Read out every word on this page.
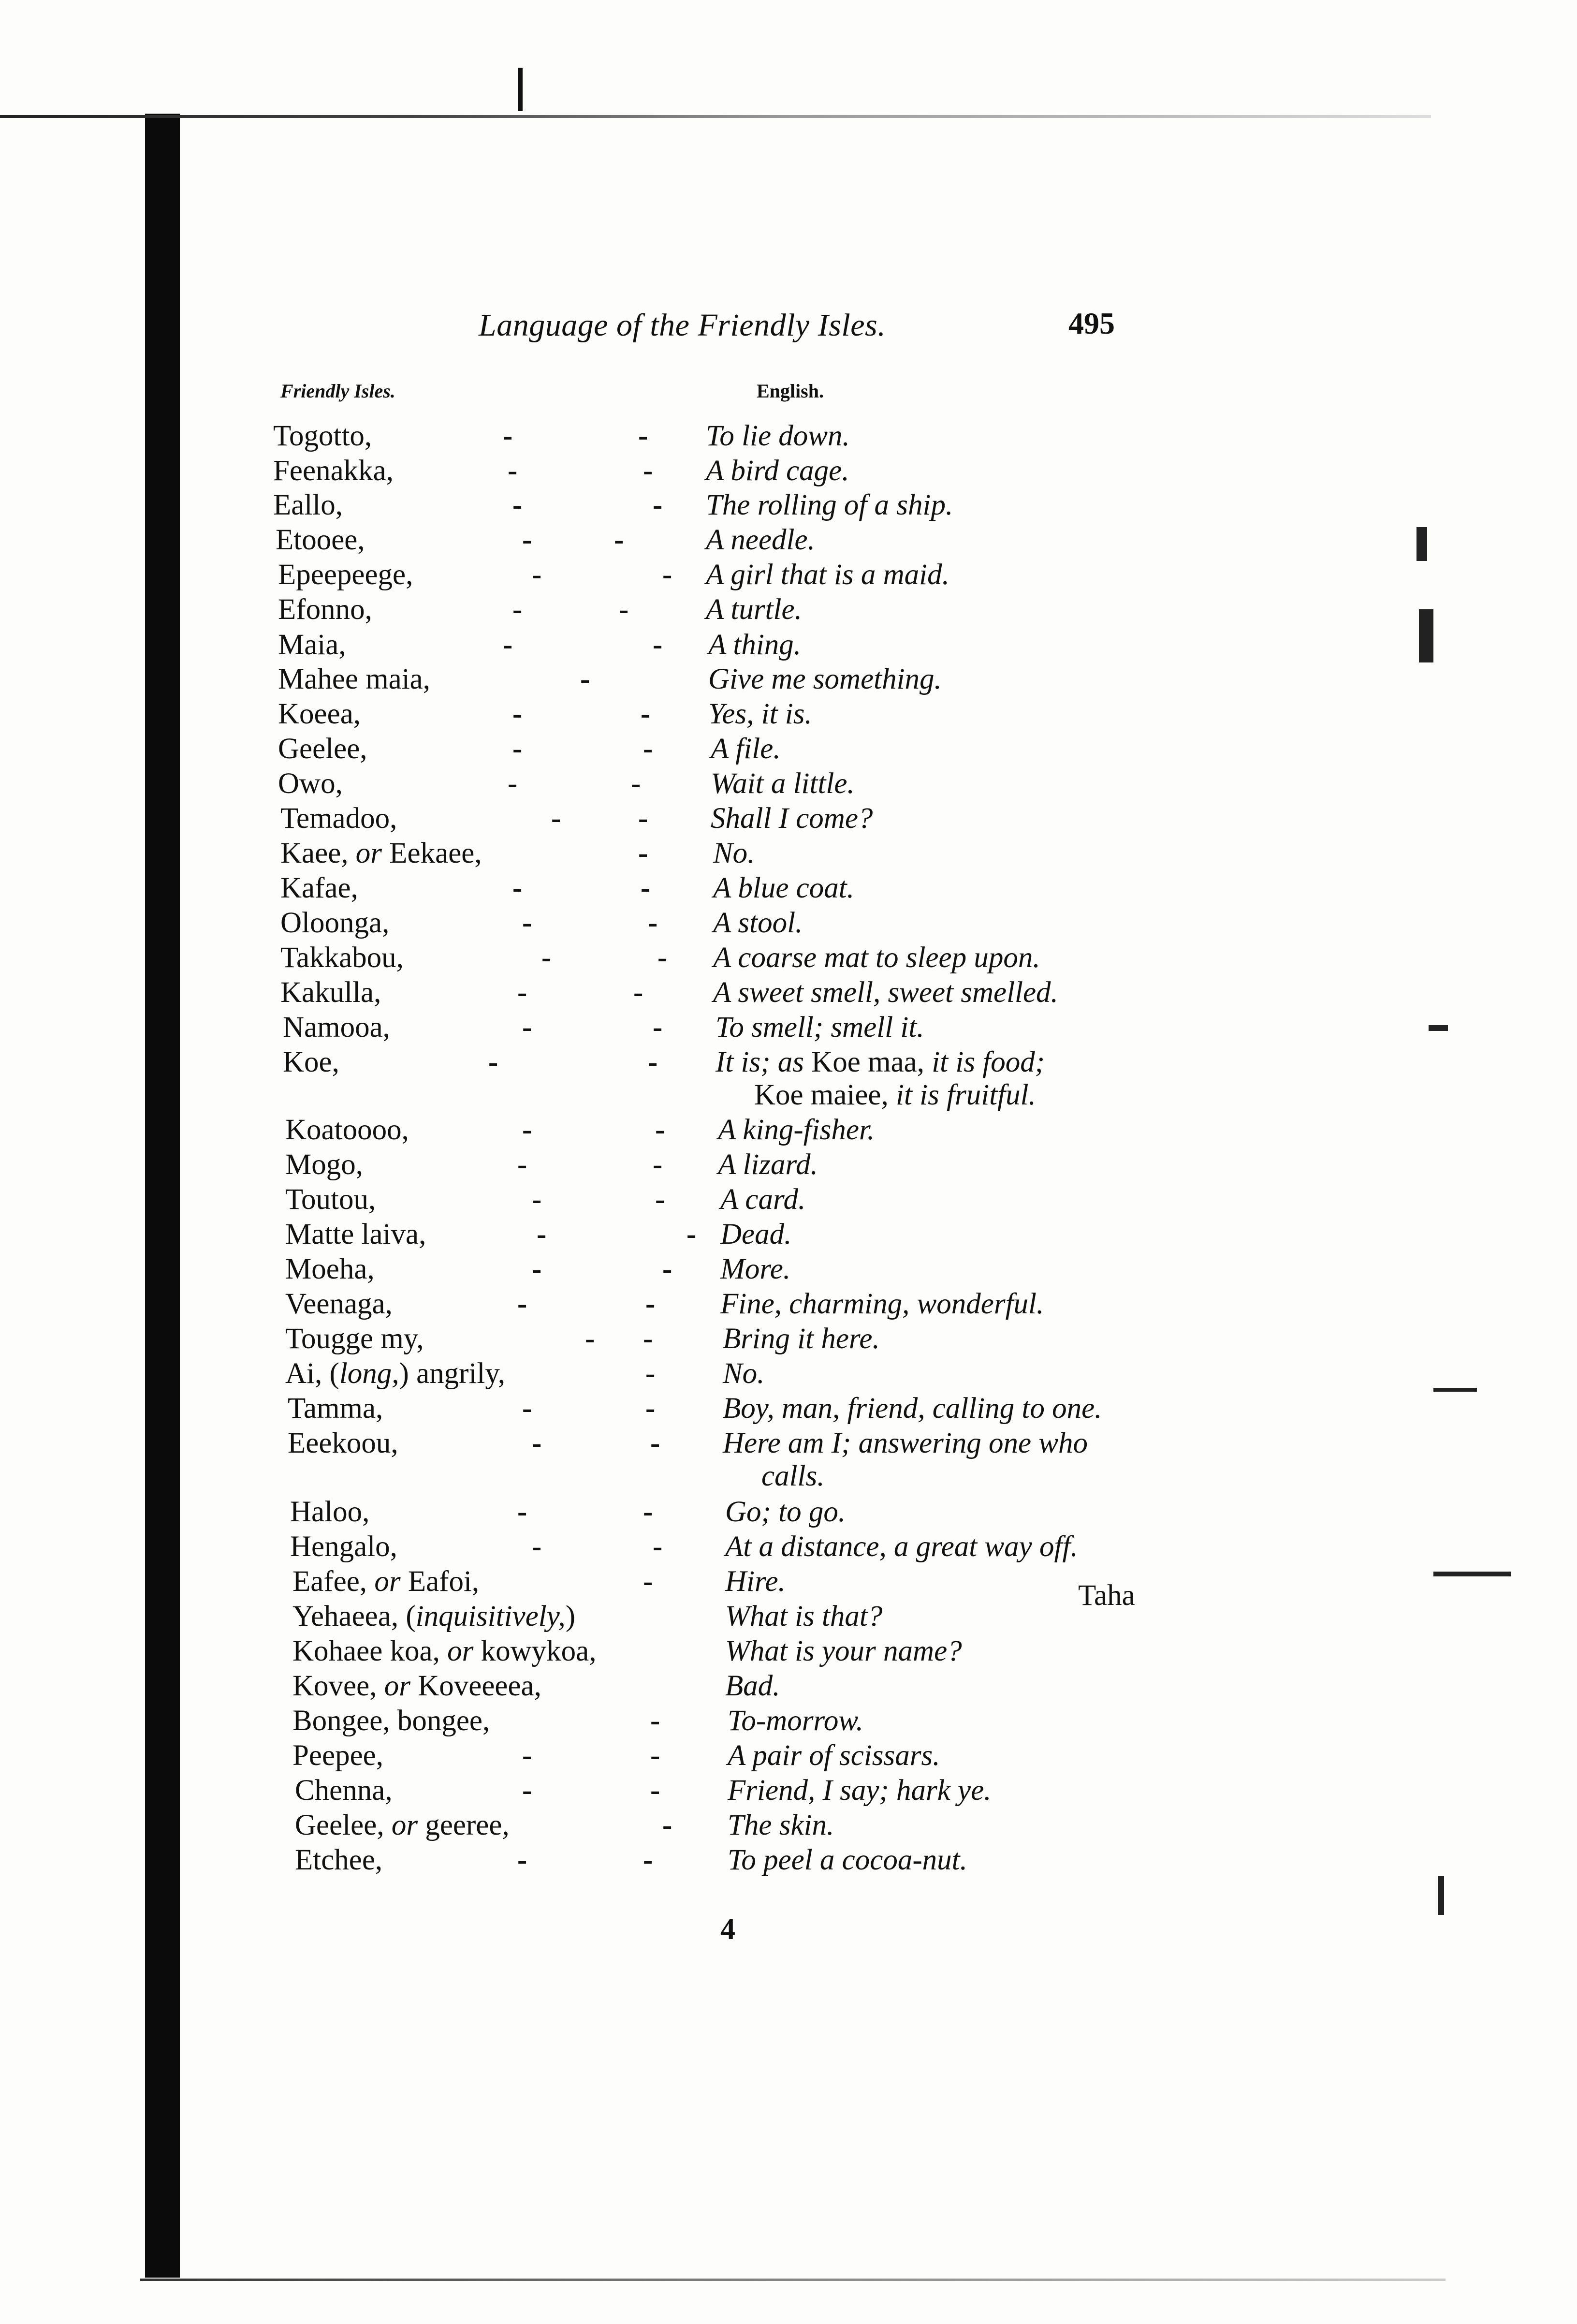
Language of the Friendly Isles.	495
Friendly Isles.	English.
Togotto,	-	- To lie down.
Feenakka,	-	- A bird cage.
Eallo,	-	- The rolling of a ship.
Etooee,	-	-	A needle.
Epeepeege,	-	- A girl that is a maid.
Efonno,	-	-	A turtle.
Maia,	-	- A thing.
Mahee maia,	-	Give me something.
Koeea,	-	- Yes, it is.
Geelee,	-	- A file.
Owo,	-	- Wait a little.
Temadoo,	-	- Shall I come?
Kaee, or Eekaee,	- No.
Kafae,	-	- A blue coat.
Oloonga,	-	- A stool.
Takkabou,	-	- A coarse mat to sleep upon.
Kakulla,	-	- A sweet smell, sweet smelled.
Namooa,	-	- To smell; smell it.
Koe,	-	- It is; as Koe maa, it is food;
Koe maiee, it is fruitful.
Koatoooo,	-	- A king-fisher.
Mogo,	-	- A lizard.
Toutou,	-	- A card.
Matte laiva,	-	- Dead.
Moeha,	-	- More.
Veenaga,	-	- Fine, charming, wonderful.
Tougge my,	- - Bring it here.
Ai, (long,) angrily,	- No.
Tamma,	-	- Boy, man, friend, calling to one.
Eeekoou,	-	- Here am I; answering one who
calls.
Haloo,	-	- Go; to go.
Hengalo,	-	- At a distance, a great way off.
Eafee, or Eafoi,	- Hire.
Yehaeea, (inquisitively,)	What is that?
Kohaee koa, or kowykoa,	What is your name?
Kovee, or Koveeeea,	Bad.
Bongee, bongee,	- To-morrow.
Peepee,	-	- A pair of scissars.
Chenna,	-	- Friend, I say; hark ye.
Geelee, or geeree,	- The skin.
Etchee,	-	-	To peel a cocoa-nut.
Taha
4
